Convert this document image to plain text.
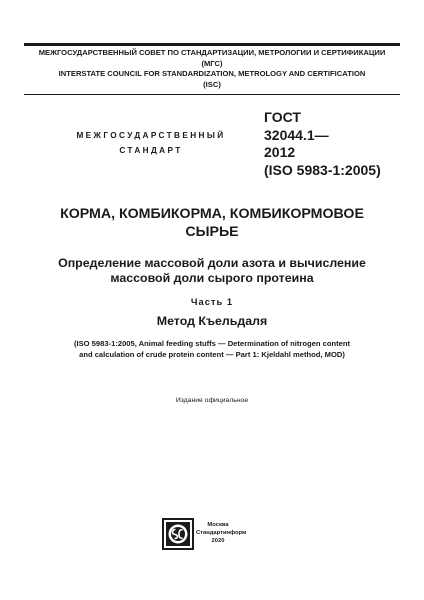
МЕЖГОСУДАРСТВЕННЫЙ СОВЕТ ПО СТАНДАРТИЗАЦИИ, МЕТРОЛОГИИ И СЕРТИФИКАЦИИ
(МГС)
INTERSTATE COUNCIL FOR STANDARDIZATION, METROLOGY AND CERTIFICATION
(ISC)
МЕЖГОСУДАРСТВЕННЫЙ
СТАНДАРТ
ГОСТ
32044.1—
2012
(ISO 5983-1:2005)
КОРМА, КОМБИКОРМА, КОМБИКОРМОВОЕ
СЫРЬЕ
Определение массовой доли азота и вычисление
массовой доли сырого протеина
Часть 1
Метод Къельдаля
(ISO 5983-1:2005, Animal feeding stuffs — Determination of nitrogen content
and calculation of crude protein content — Part 1: Kjeldahl method, MOD)
Издание официальное
Москва
Стандартинформ
2020
